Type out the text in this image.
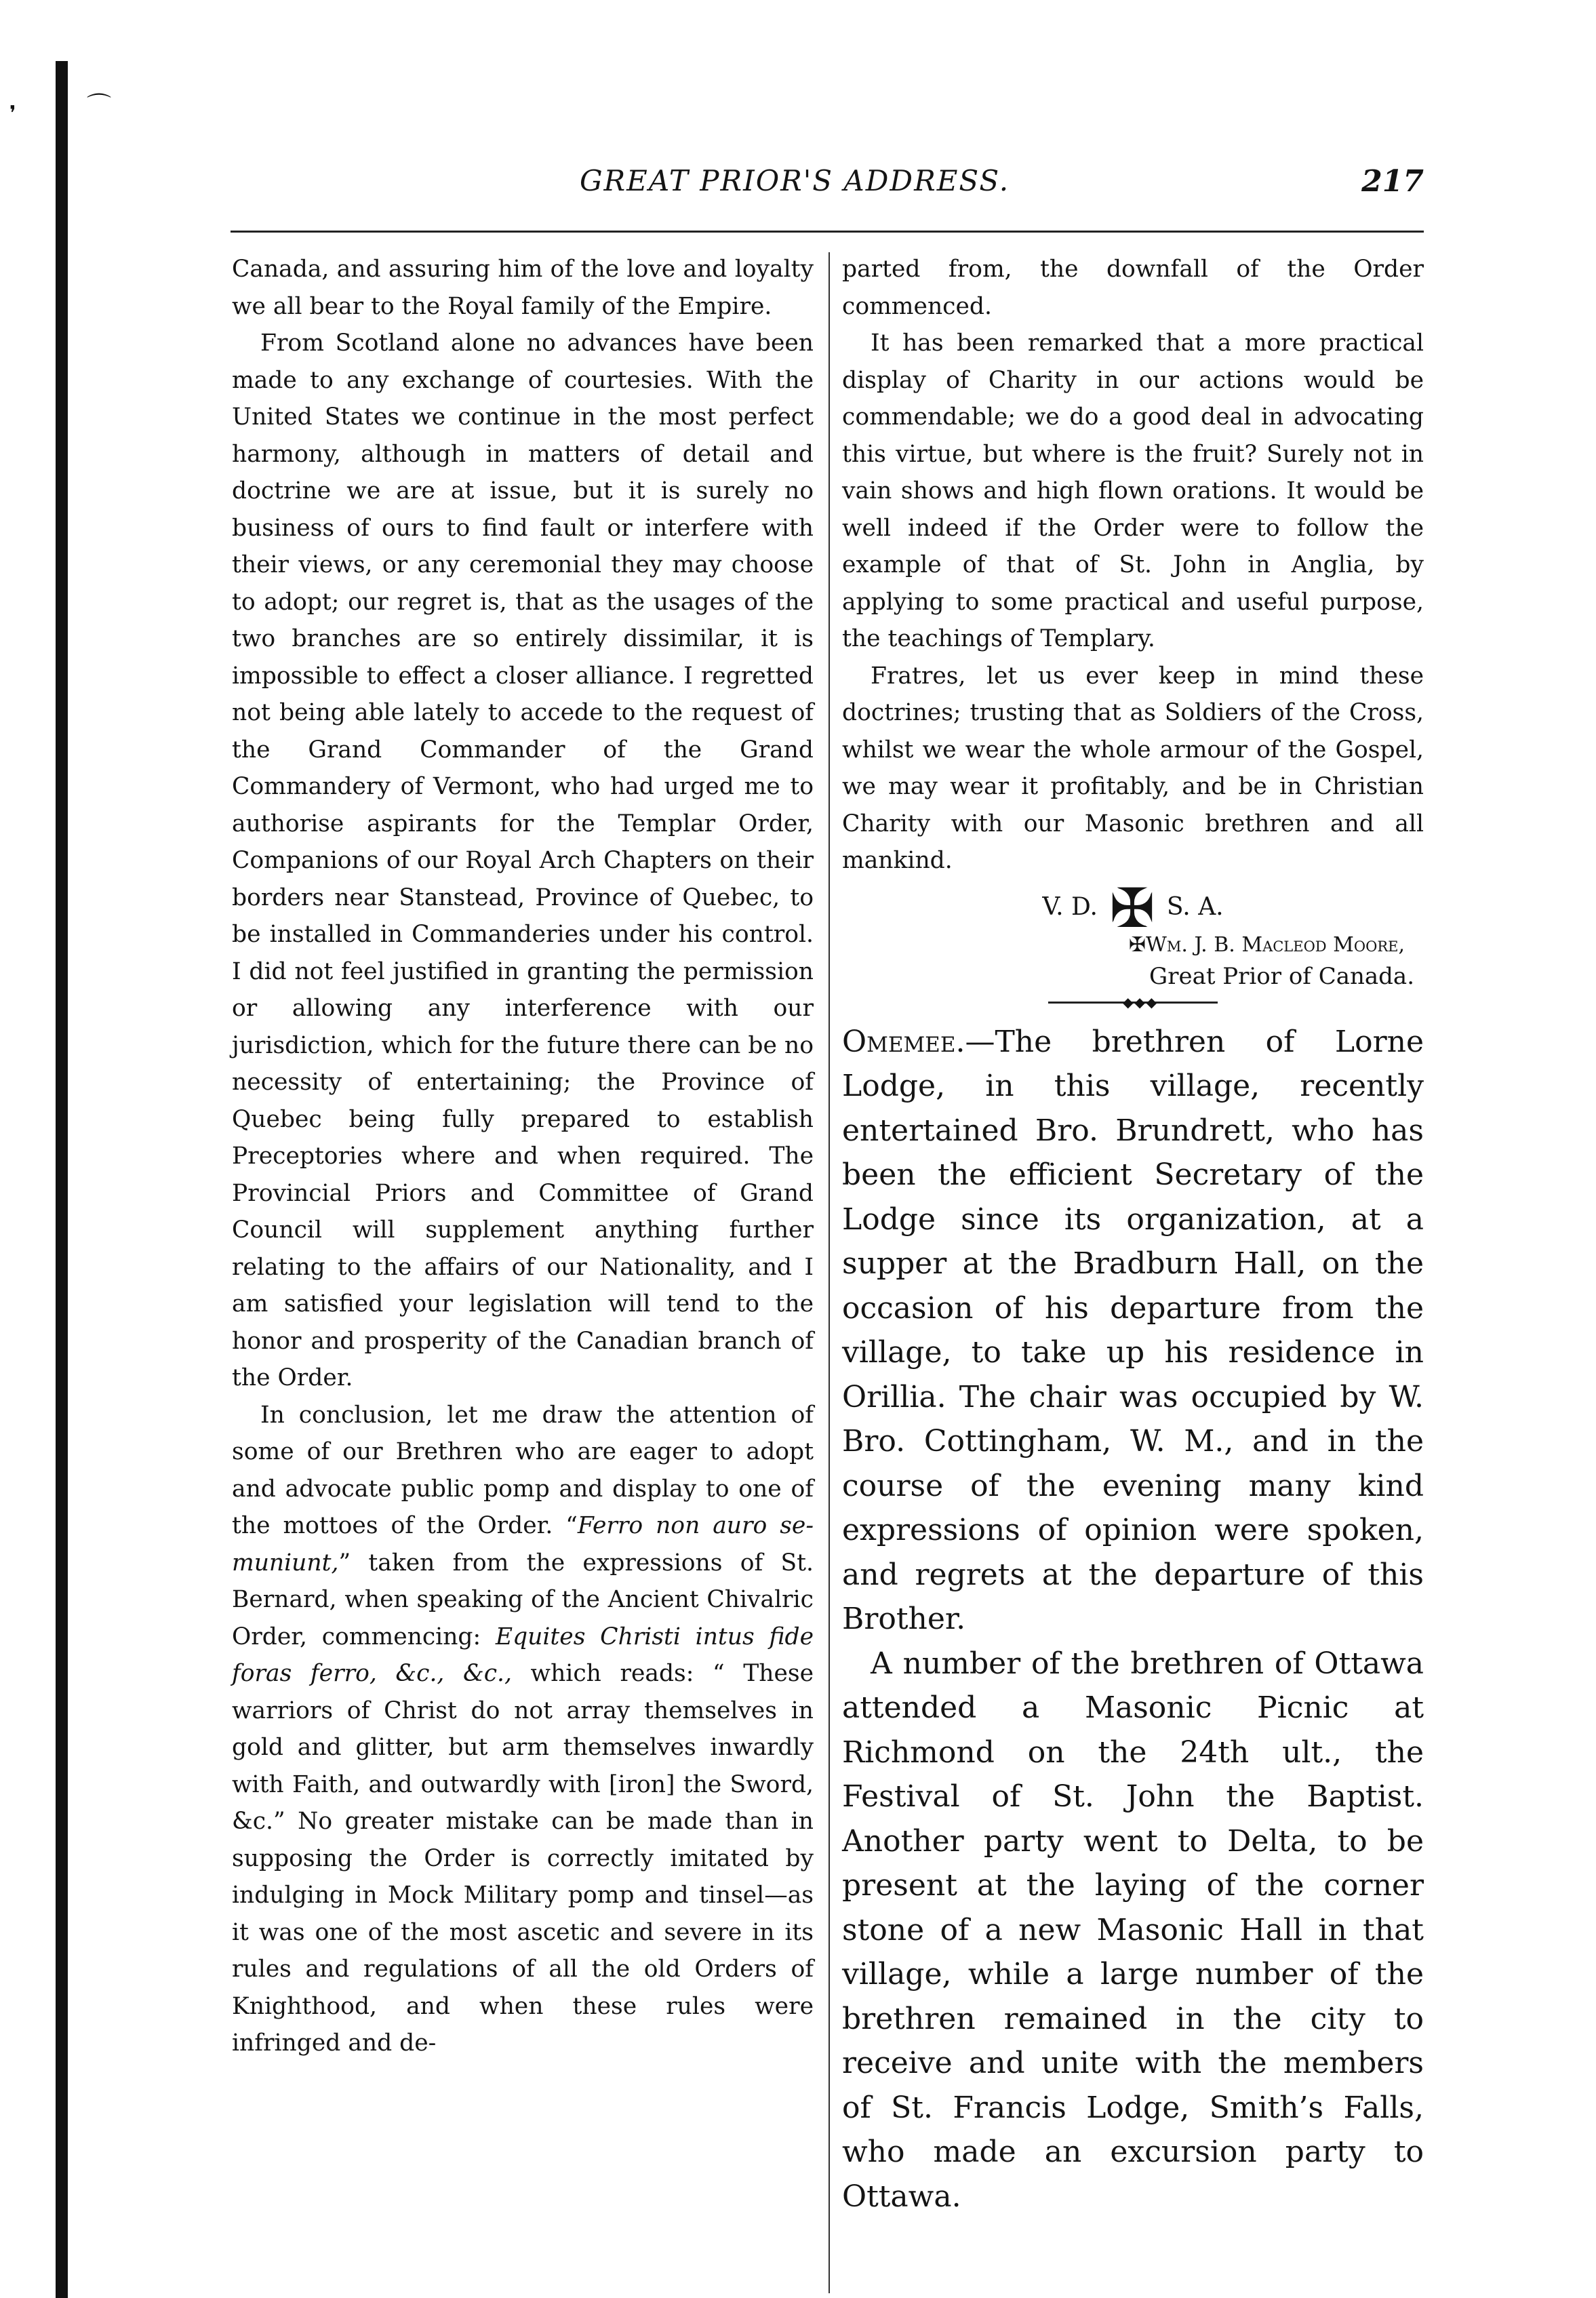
❜	⌒
GREAT PRIOR'S ADDRESS.	217

Canada, and assuring him of the love and loyalty we all bear to the Royal family of the Empire.

From Scotland alone no advances have been made to any exchange of courtesies. With the United States we continue in the most perfect harmony, although in matters of detail and doctrine we are at issue, but it is surely no business of ours to find fault or interfere with their views, or any ceremonial they may choose to adopt; our regret is, that as the usages of the two branches are so entirely dissimilar, it is impossible to effect a closer alliance. I regretted not being able lately to accede to the request of the Grand Commander of the Grand Commandery of Vermont, who had urged me to authorise aspirants for the Templar Order, Companions of our Royal Arch Chapters on their borders near Stanstead, Province of Quebec, to be installed in Commanderies under his control. I did not feel justified in granting the permission or allowing any interference with our jurisdiction, which for the future there can be no necessity of entertaining; the Province of Quebec being fully prepared to establish Preceptories where and when required. The Provincial Priors and Committee of Grand Council will supplement anything further relating to the affairs of our Nationality, and I am satisfied your legislation will tend to the honor and prosperity of the Canadian branch of the Order.

In conclusion, let me draw the attention of some of our Brethren who are eager to adopt and advocate public pomp and display to one of the mottoes of the Order. “Ferro non auro se-muniunt,” taken from the expressions of St. Bernard, when speaking of the Ancient Chivalric Order, commencing: Equites Christi intus fide foras ferro, &c., &c., which reads: “ These warriors of Christ do not array themselves in gold and glitter, but arm themselves inwardly with Faith, and outwardly with [iron] the Sword, &c.” No greater mistake can be made than in supposing the Order is correctly imitated by indulging in Mock Military pomp and tinsel—as it was one of the most ascetic and severe in its rules and regulations of all the old Orders of Knighthood, and when these rules were infringed and de-

parted from, the downfall of the Order commenced.

It has been remarked that a more practical display of Charity in our actions would be commendable; we do a good deal in advocating this virtue, but where is the fruit? Surely not in vain shows and high flown orations. It would be well indeed if the Order were to follow the example of that of St. John in Anglia, by applying to some practical and useful purpose, the teachings of Templary.

Fratres, let us ever keep in mind these doctrines; trusting that as Soldiers of the Cross, whilst we wear the whole armour of the Gospel, we may wear it profitably, and be in Christian Charity with our Masonic brethren and all mankind.

V. D. ✠ S. A.
✠Wm. J. B. Macleod Moore,
Great Prior of Canada.
◆◆◆

Omemee.—The brethren of Lorne Lodge, in this village, recently entertained Bro. Brundrett, who has been the efficient Secretary of the Lodge since its organization, at a supper at the Bradburn Hall, on the occasion of his departure from the village, to take up his residence in Orillia. The chair was occupied by W. Bro. Cottingham, W. M., and in the course of the evening many kind expressions of opinion were spoken, and regrets at the departure of this Brother.

A number of the brethren of Ottawa attended a Masonic Picnic at Richmond on the 24th ult., the Festival of St. John the Baptist. Another party went to Delta, to be present at the laying of the corner stone of a new Masonic Hall in that village, while a large number of the brethren remained in the city to receive and unite with the members of St. Francis Lodge, Smith’s Falls, who made an excursion party to Ottawa.
